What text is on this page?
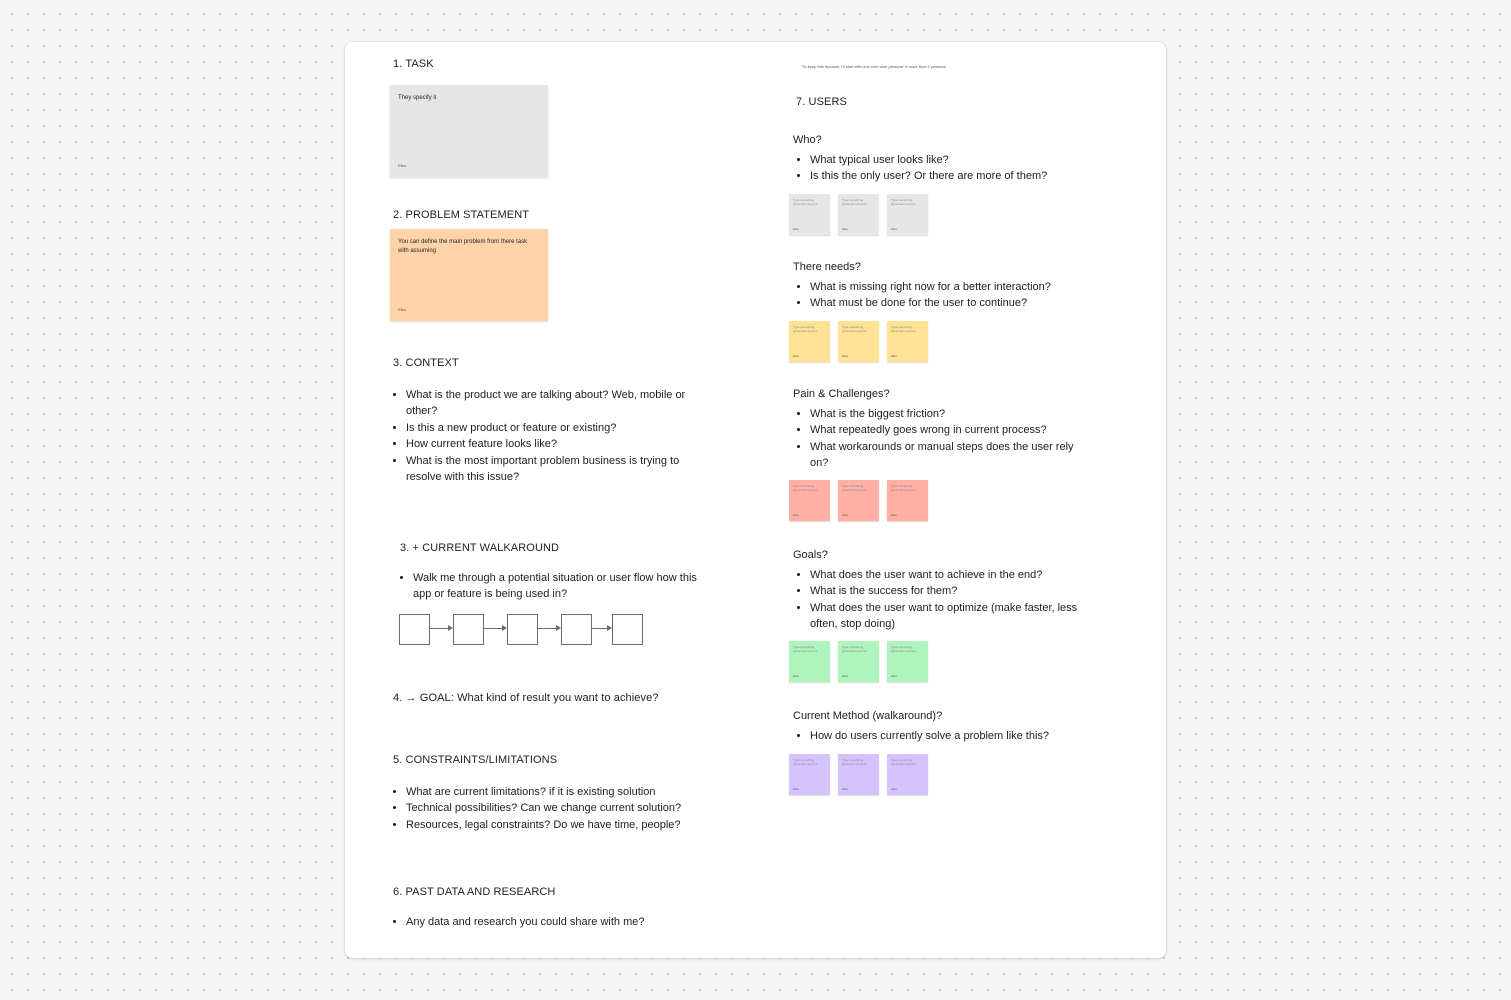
1. TASK
They specify it
Elka
2. PROBLEM STATEMENT
You can define the main problem from there task with assuming
Elka
3. CONTEXT
• What is the product we are talking about? Web, mobile or other?
• Is this a new product or feature or existing?
• How current feature looks like?
• What is the most important problem business is trying to resolve with this issue?
3. + CURRENT WALKAROUND
• Walk me through a potential situation or user flow how this app or feature is being used in?
4. → GOAL: What kind of result you want to achieve?
5. CONSTRAINTS/LIMITATIONS
• What are current limitations? if it is existing solution
• Technical possibilities? Can we change current solution?
• Resources, legal constraints? Do we have time, people?
6. PAST DATA AND RESEARCH
• Any data and research you could share with me?
"To keep this focused, I'll start with one core user persona" if more than 1 persona
7. USERS
Who?
• What typical user looks like?
• Is this the only user? Or there are more of them?
Type something, @mention anyone
Elka
Type something, @mention anyone
Elka
Type something, @mention anyone
Elka
There needs?
• What is missing right now for a better interaction?
• What must be done for the user to continue?
Type something, @mention anyone
Elka
Type something, @mention anyone
Elka
Type something, @mention anyone
Elka
Pain & Challenges?
• What is the biggest friction?
• What repeatedly goes wrong in current process?
• What workarounds or manual steps does the user rely on?
Type something, @mention anyone
Elka
Type something, @mention anyone
Elka
Type something, @mention anyone
Elka
Goals?
• What does the user want to achieve in the end?
• What is the success for them?
• What does the user want to optimize (make faster, less often, stop doing)
Type something, @mention anyone
Elka
Type something, @mention anyone
Elka
Type something, @mention anyone
Elka
Current Method (walkaround)?
• How do users currently solve a problem like this?
Type something, @mention anyone
Elka
Type something, @mention anyone
Elka
Type something, @mention anyone
Elka
